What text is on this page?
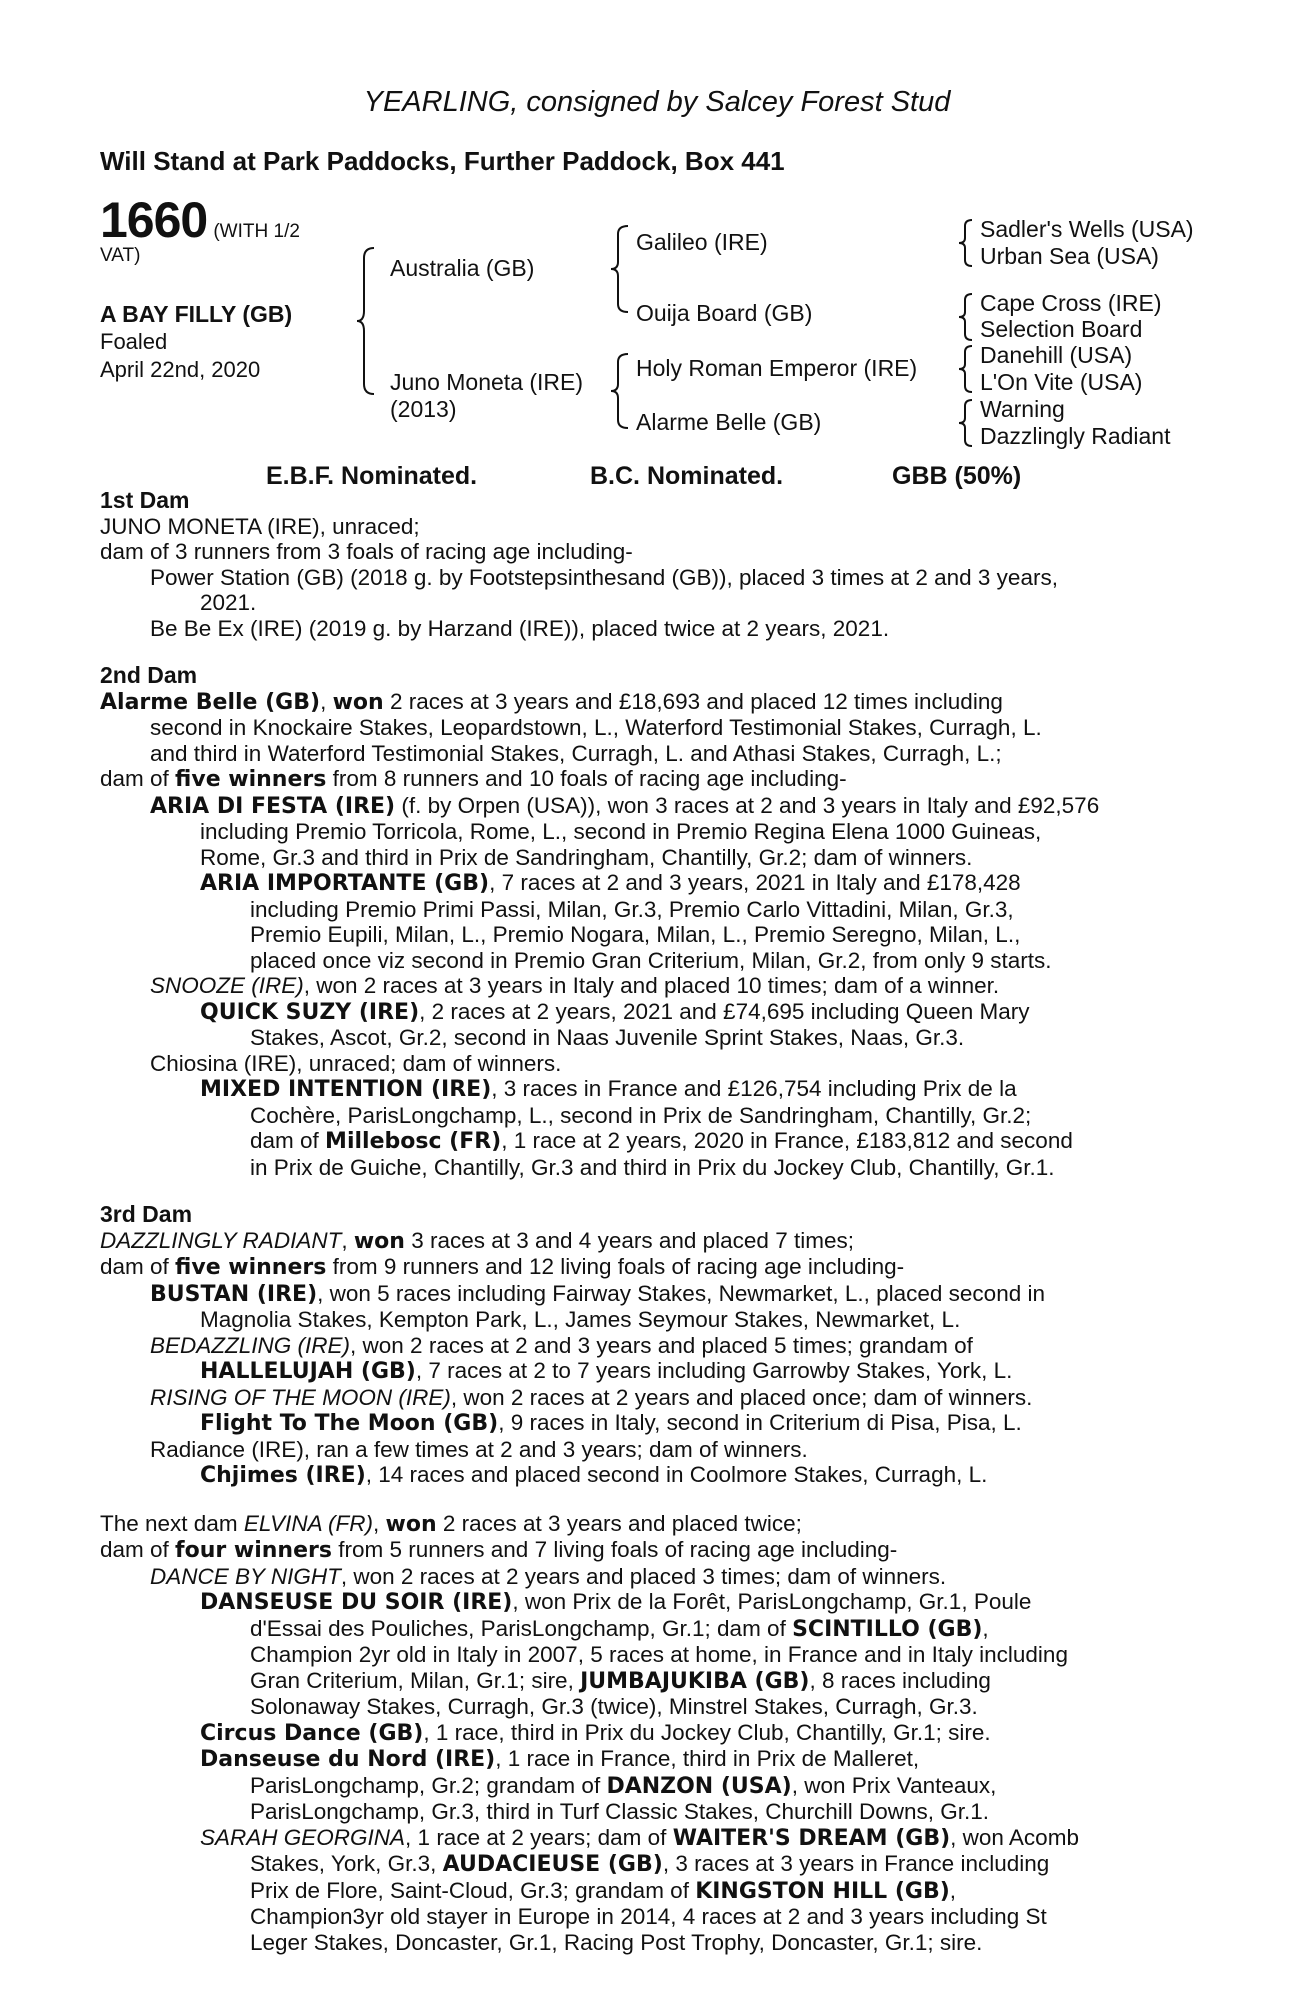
YEARLING, consigned by Salcey Forest Stud
Will Stand at Park Paddocks, Further Paddock, Box 441
1660 (WITH 1/2
VAT)
A BAY FILLY (GB)
Foaled
April 22nd, 2020
Australia (GB)
Juno Moneta (IRE)
(2013)
Galileo (IRE)
Ouija Board (GB)
Holy Roman Emperor (IRE)
Alarme Belle (GB)
Sadler's Wells (USA)
Urban Sea (USA)
Cape Cross (IRE)
Selection Board
Danehill (USA)
L'On Vite (USA)
Warning
Dazzlingly Radiant
E.B.F. Nominated.	B.C. Nominated.	GBB (50%)
1st Dam
JUNO MONETA (IRE), unraced;
dam of 3 runners from 3 foals of racing age including-
Power Station (GB) (2018 g. by Footstepsinthesand (GB)), placed 3 times at 2 and 3 years,
2021.
Be Be Ex (IRE) (2019 g. by Harzand (IRE)), placed twice at 2 years, 2021.
2nd Dam
Alarme Belle (GB), won 2 races at 3 years and £18,693 and placed 12 times including
second in Knockaire Stakes, Leopardstown, L., Waterford Testimonial Stakes, Curragh, L.
and third in Waterford Testimonial Stakes, Curragh, L. and Athasi Stakes, Curragh, L.;
dam of five winners from 8 runners and 10 foals of racing age including-
ARIA DI FESTA (IRE) (f. by Orpen (USA)), won 3 races at 2 and 3 years in Italy and £92,576
including Premio Torricola, Rome, L., second in Premio Regina Elena 1000 Guineas,
Rome, Gr.3 and third in Prix de Sandringham, Chantilly, Gr.2; dam of winners.
ARIA IMPORTANTE (GB), 7 races at 2 and 3 years, 2021 in Italy and £178,428
including Premio Primi Passi, Milan, Gr.3, Premio Carlo Vittadini, Milan, Gr.3,
Premio Eupili, Milan, L., Premio Nogara, Milan, L., Premio Seregno, Milan, L.,
placed once viz second in Premio Gran Criterium, Milan, Gr.2, from only 9 starts.
SNOOZE (IRE), won 2 races at 3 years in Italy and placed 10 times; dam of a winner.
QUICK SUZY (IRE), 2 races at 2 years, 2021 and £74,695 including Queen Mary
Stakes, Ascot, Gr.2, second in Naas Juvenile Sprint Stakes, Naas, Gr.3.
Chiosina (IRE), unraced; dam of winners.
MIXED INTENTION (IRE), 3 races in France and £126,754 including Prix de la
Cochère, ParisLongchamp, L., second in Prix de Sandringham, Chantilly, Gr.2;
dam of Millebosc (FR), 1 race at 2 years, 2020 in France, £183,812 and second
in Prix de Guiche, Chantilly, Gr.3 and third in Prix du Jockey Club, Chantilly, Gr.1.
3rd Dam
DAZZLINGLY RADIANT, won 3 races at 3 and 4 years and placed 7 times;
dam of five winners from 9 runners and 12 living foals of racing age including-
BUSTAN (IRE), won 5 races including Fairway Stakes, Newmarket, L., placed second in
Magnolia Stakes, Kempton Park, L., James Seymour Stakes, Newmarket, L.
BEDAZZLING (IRE), won 2 races at 2 and 3 years and placed 5 times; grandam of
HALLELUJAH (GB), 7 races at 2 to 7 years including Garrowby Stakes, York, L.
RISING OF THE MOON (IRE), won 2 races at 2 years and placed once; dam of winners.
Flight To The Moon (GB), 9 races in Italy, second in Criterium di Pisa, Pisa, L.
Radiance (IRE), ran a few times at 2 and 3 years; dam of winners.
Chjimes (IRE), 14 races and placed second in Coolmore Stakes, Curragh, L.
The next dam ELVINA (FR), won 2 races at 3 years and placed twice;
dam of four winners from 5 runners and 7 living foals of racing age including-
DANCE BY NIGHT, won 2 races at 2 years and placed 3 times; dam of winners.
DANSEUSE DU SOIR (IRE), won Prix de la Forêt, ParisLongchamp, Gr.1, Poule
d'Essai des Pouliches, ParisLongchamp, Gr.1; dam of SCINTILLO (GB),
Champion 2yr old in Italy in 2007, 5 races at home, in France and in Italy including
Gran Criterium, Milan, Gr.1; sire, JUMBAJUKIBA (GB), 8 races including
Solonaway Stakes, Curragh, Gr.3 (twice), Minstrel Stakes, Curragh, Gr.3.
Circus Dance (GB), 1 race, third in Prix du Jockey Club, Chantilly, Gr.1; sire.
Danseuse du Nord (IRE), 1 race in France, third in Prix de Malleret,
ParisLongchamp, Gr.2; grandam of DANZON (USA), won Prix Vanteaux,
ParisLongchamp, Gr.3, third in Turf Classic Stakes, Churchill Downs, Gr.1.
SARAH GEORGINA, 1 race at 2 years; dam of WAITER'S DREAM (GB), won Acomb
Stakes, York, Gr.3, AUDACIEUSE (GB), 3 races at 3 years in France including
Prix de Flore, Saint-Cloud, Gr.3; grandam of KINGSTON HILL (GB),
Champion3yr old stayer in Europe in 2014, 4 races at 2 and 3 years including St
Leger Stakes, Doncaster, Gr.1, Racing Post Trophy, Doncaster, Gr.1; sire.
